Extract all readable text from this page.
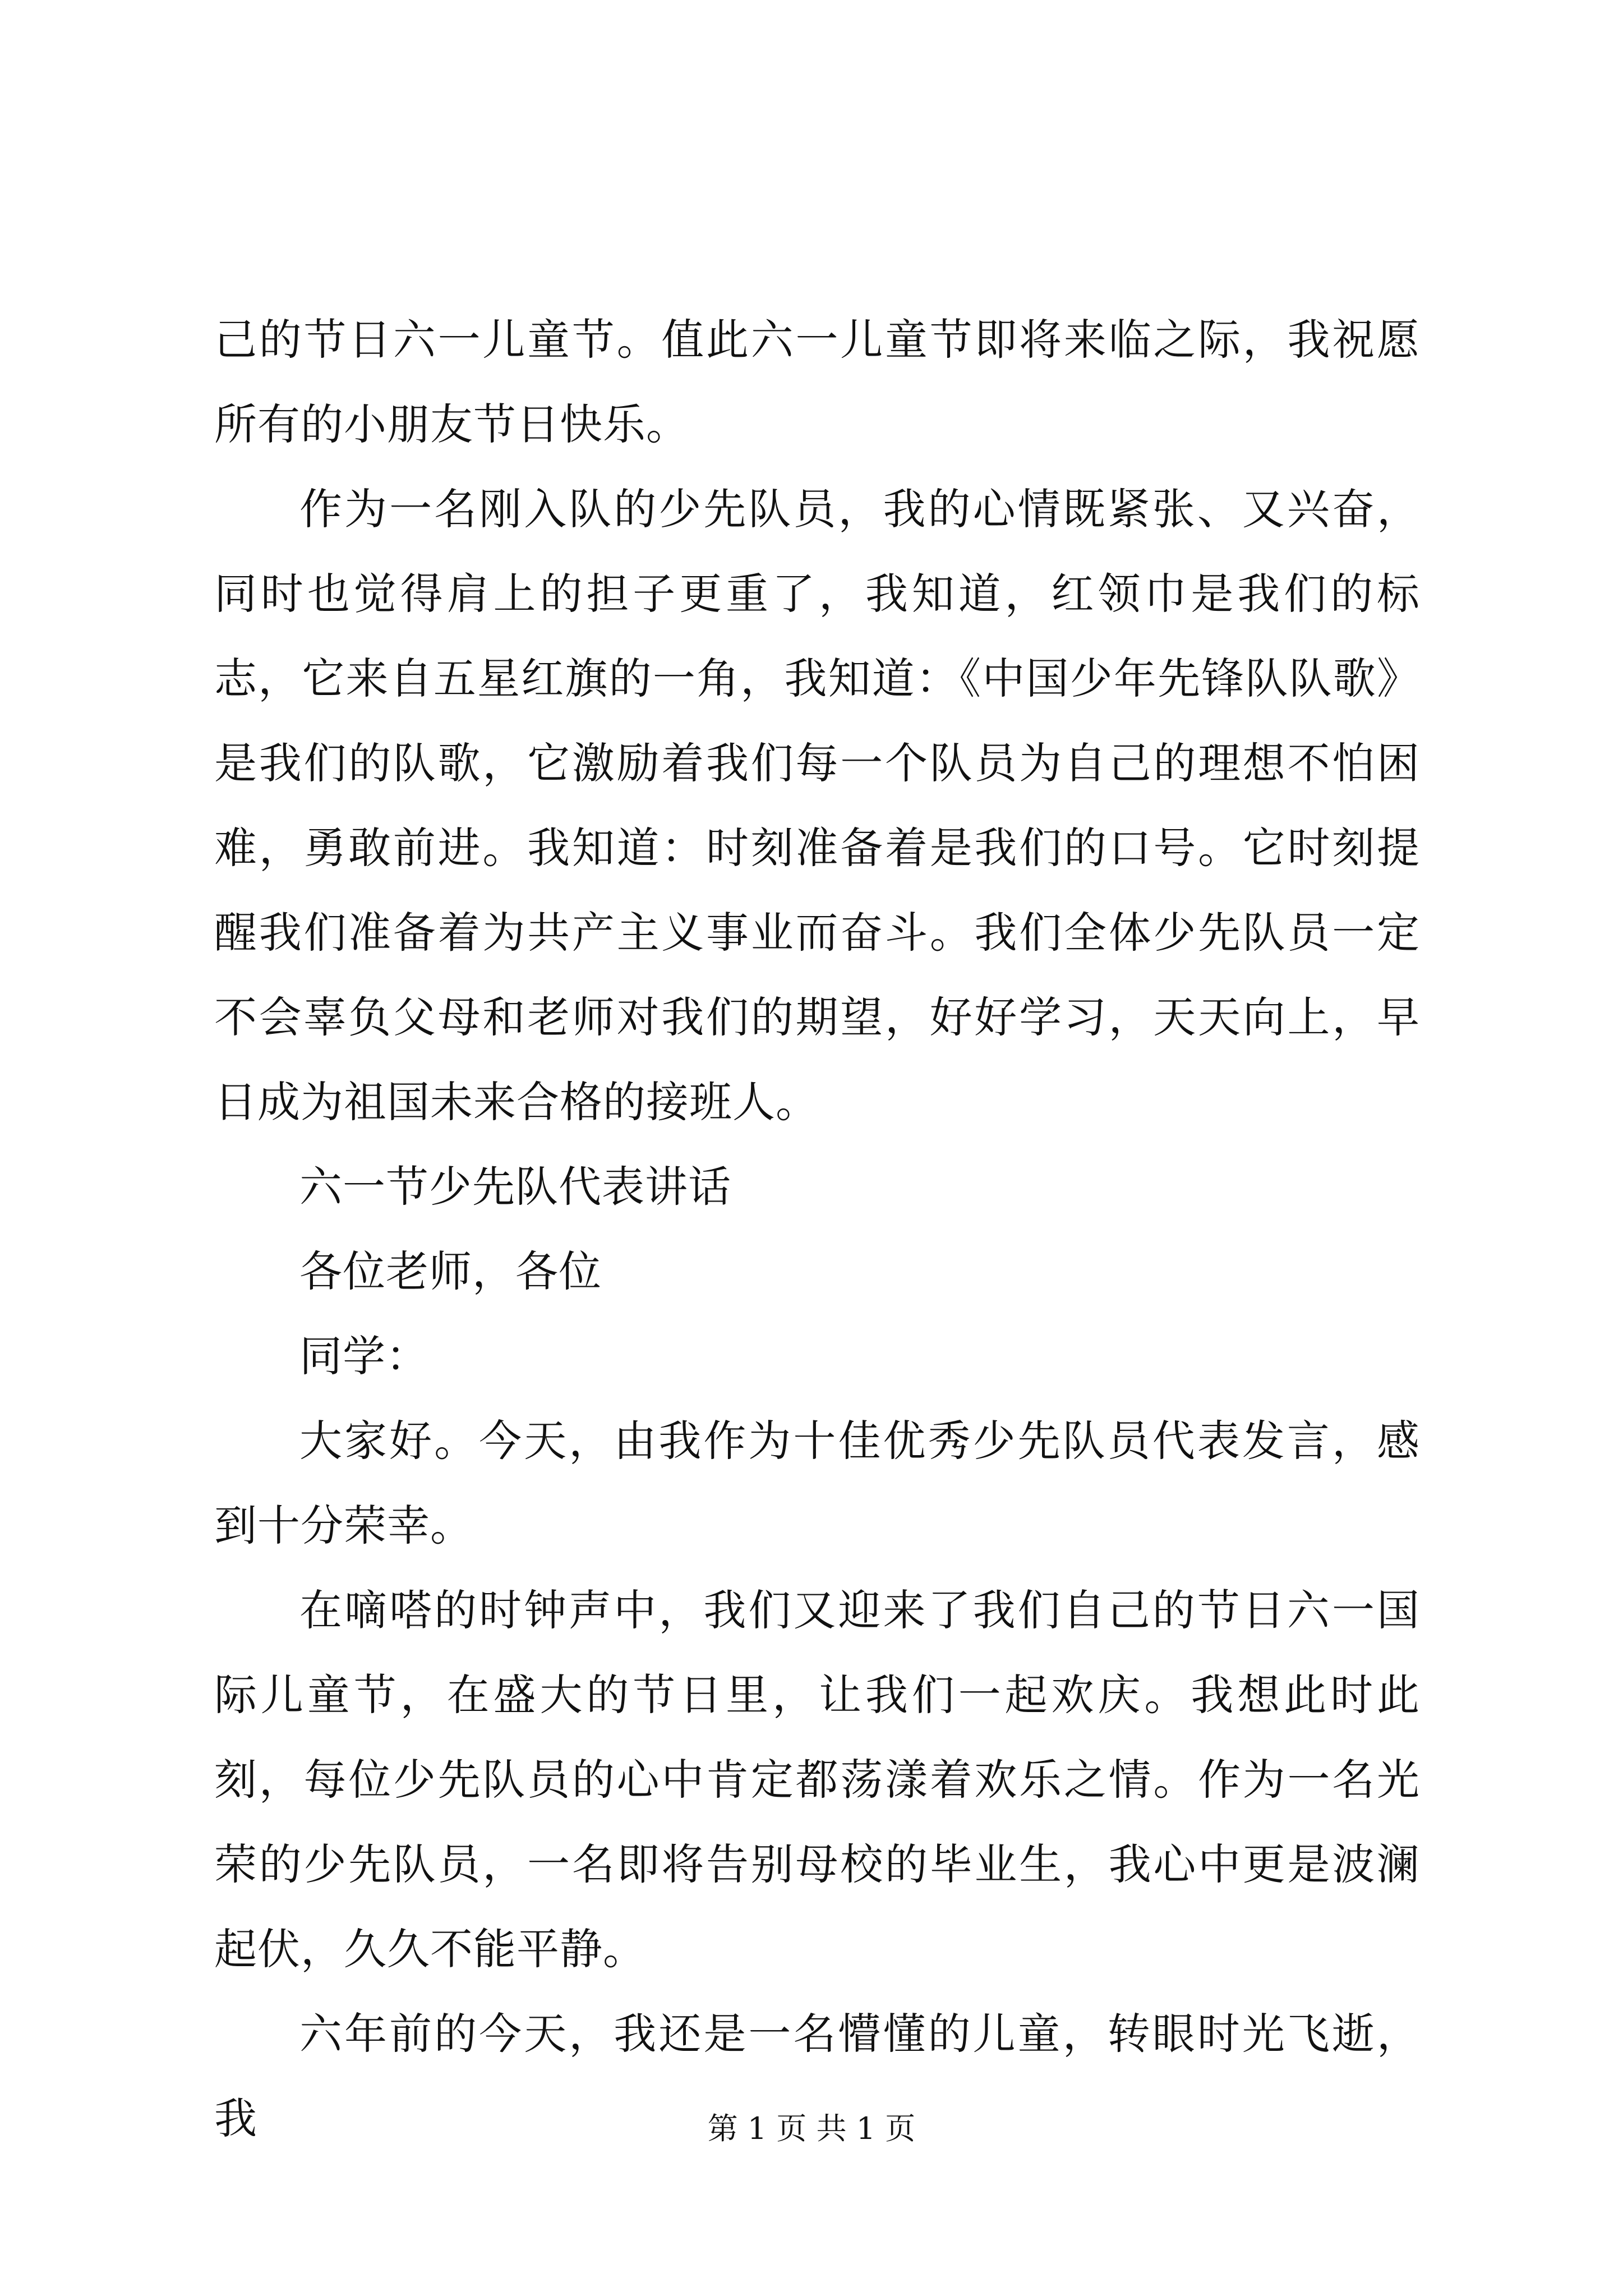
己的节日六一儿童节。值此六一儿童节即将来临之际，我祝愿所有的小朋友节日快乐。

作为一名刚入队的少先队员，我的心情既紧张、又兴奋，同时也觉得肩上的担子更重了，我知道，红领巾是我们的标志，它来自五星红旗的一角，我知道：《中国少年先锋队队歌》是我们的队歌，它激励着我们每一个队员为自己的理想不怕困难，勇敢前进。我知道：时刻准备着是我们的口号。它时刻提醒我们准备着为共产主义事业而奋斗。我们全体少先队员一定不会辜负父母和老师对我们的期望，好好学习，天天向上，早日成为祖国未来合格的接班人。

六一节少先队代表讲话

各位老师，各位

同学：

大家好。今天，由我作为十佳优秀少先队员代表发言，感到十分荣幸。

在嘀嗒的时钟声中，我们又迎来了我们自己的节日六一国际儿童节，在盛大的节日里，让我们一起欢庆。我想此时此刻，每位少先队员的心中肯定都荡漾着欢乐之情。作为一名光荣的少先队员，一名即将告别母校的毕业生，我心中更是波澜起伏，久久不能平静。

六年前的今天，我还是一名懵懂的儿童，转眼时光飞逝，我	第 1 页 共 1 页
